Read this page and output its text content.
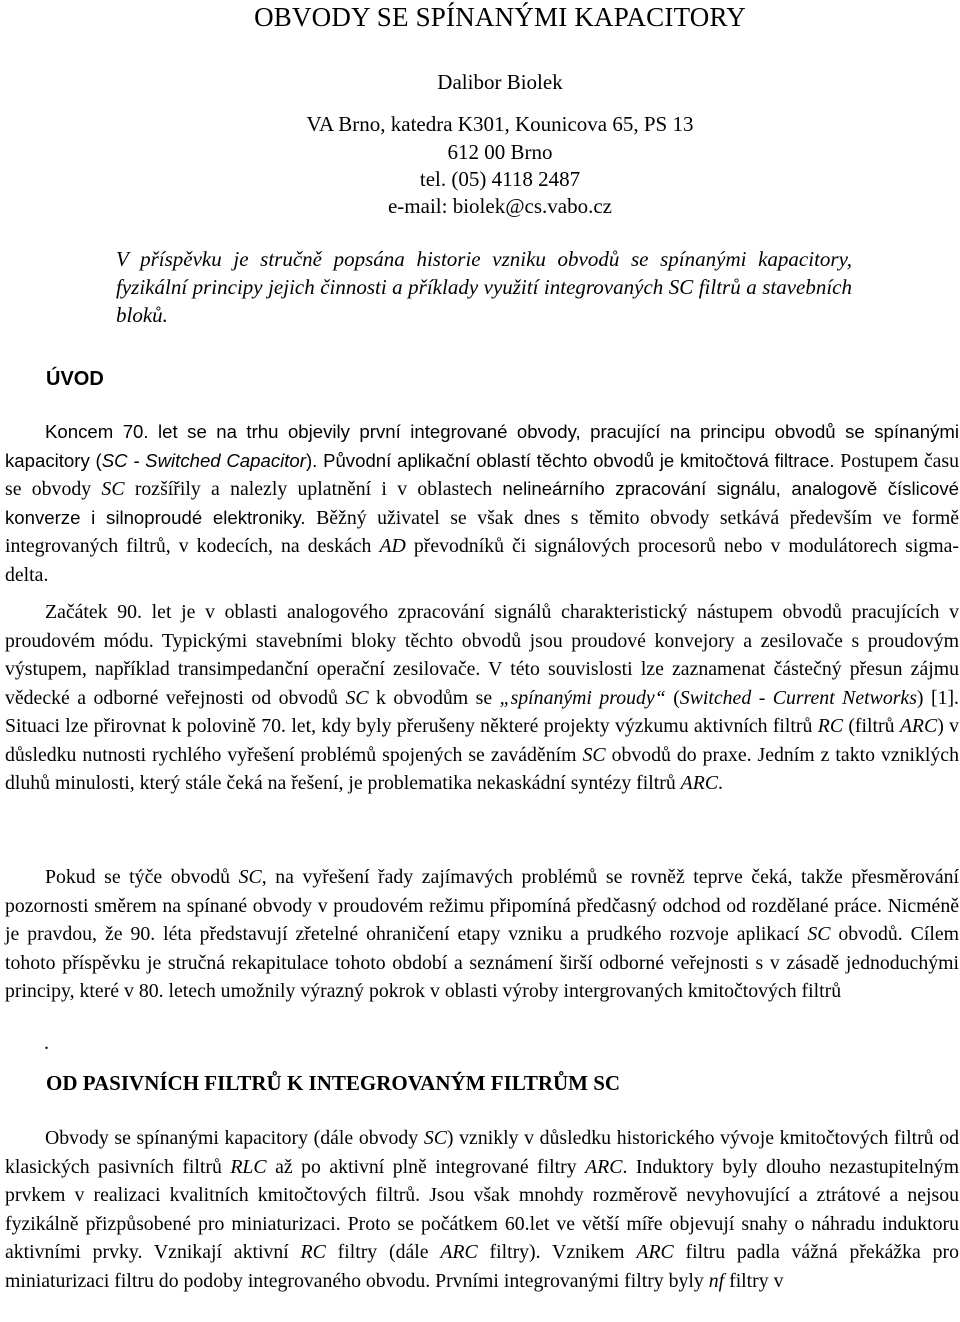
OBVODY SE SPÍNANÝMI KAPACITORY
Dalibor Biolek
VA Brno, katedra K301, Kounicova 65, PS 13
612 00 Brno
tel. (05) 4118 2487
e-mail: biolek@cs.vabo.cz
V příspěvku je stručně popsána historie vzniku obvodů se spínanými kapacitory, fyzikální principy jejich činnosti a příklady využití integrovaných SC filtrů a stavebních bloků.
ÚVOD

Koncem 70. let se na trhu objevily první integrované obvody, pracující na principu obvodů se spínanými kapacitory (SC - Switched Capacitor). Původní aplikační oblastí těchto obvodů je kmitočtová filtrace. Postupem času se obvody SC rozšířily a nalezly uplatnění i v oblastech nelineárního zpracování signálu, analogově číslicové konverze i silnoproudé elektroniky. Běžný uživatel se však dnes s těmito obvody setkává především ve formě integrovaných filtrů, v kodecích, na deskách AD převodníků či signálových procesorů nebo v modulátorech sigma-delta.

Začátek 90. let je v oblasti analogového zpracování signálů charakteristický nástupem obvodů pracujících v proudovém módu. Typickými stavebními bloky těchto obvodů jsou proudové konvejory a zesilovače s proudovým výstupem, například transimpedanční operační zesilovače. V této souvislosti lze zaznamenat částečný přesun zájmu vědecké a odborné veřejnosti od obvodů SC k obvodům se „spínanými proudy“ (Switched - Current Networks) [1]. Situaci lze přirovnat k polovině 70. let, kdy byly přerušeny některé projekty výzkumu aktivních filtrů RC (filtrů ARC) v důsledku nutnosti rychlého vyřešení problémů spojených se zaváděním SC obvodů do praxe. Jedním z takto vzniklých dluhů minulosti, který stále čeká na řešení, je problematika nekaskádní syntézy filtrů ARC.

Pokud se týče obvodů SC, na vyřešení řady zajímavých problémů se rovněž teprve čeká, takže přesměrování pozornosti směrem na spínané obvody v proudovém režimu připomíná předčasný odchod od rozdělané práce. Nicméně je pravdou, že 90. léta představují zřetelné ohraničení etapy vzniku a prudkého rozvoje aplikací SC obvodů. Cílem tohoto příspěvku je stručná rekapitulace tohoto období a seznámení širší odborné veřejnosti s v zásadě jednoduchými principy, které v 80. letech umožnily výrazný pokrok v oblasti výroby intergrovaných kmitočtových filtrů

.
OD PASIVNÍCH FILTRŮ K INTEGROVANÝM FILTRŮM SC

Obvody se spínanými kapacitory (dále obvody SC) vznikly v důsledku historického vývoje kmitočtových filtrů od klasických pasivních filtrů RLC až po aktivní plně integrované filtry ARC. Induktory byly dlouho nezastupitelným prvkem v realizaci kvalitních kmitočtových filtrů. Jsou však mnohdy rozměrově nevyhovující a ztrátové a nejsou fyzikálně přizpůsobené pro miniaturizaci. Proto se počátkem 60.let ve větší míře objevují snahy o náhradu induktoru aktivními prvky. Vznikají aktivní RC filtry (dále ARC filtry). Vznikem ARC filtru padla vážná překážka pro miniaturizaci filtru do podoby integrovaného obvodu. Prvními integrovanými filtry byly nf filtry v
